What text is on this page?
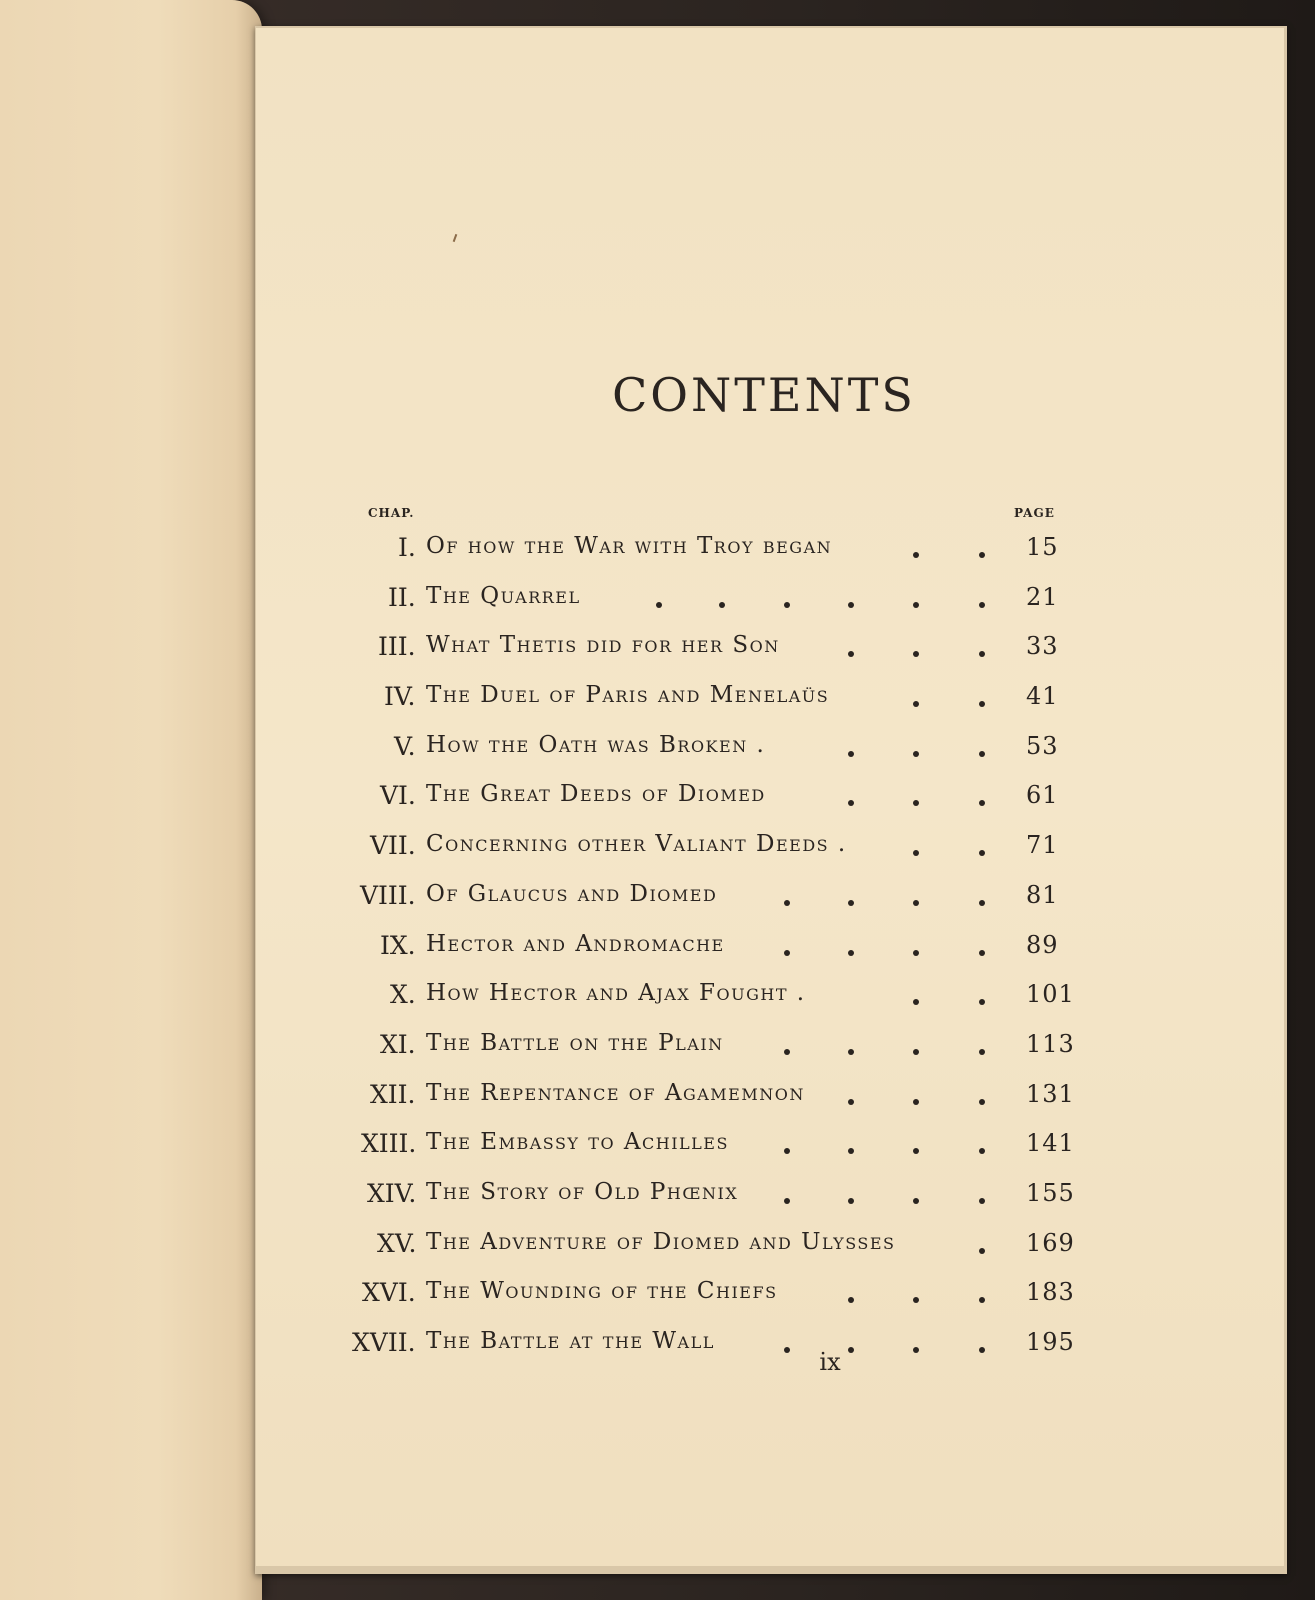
CONTENTS
CHAP.	PAGE
I. Of how the War with Troy began	15
II. The Quarrel	21
III. What Thetis did for her Son	33
IV. The Duel of Paris and Menelaüs	41
V. How the Oath was Broken .	53
VI. The Great Deeds of Diomed	61
VII. Concerning other Valiant Deeds .	71
VIII. Of Glaucus and Diomed	81
IX. Hector and Andromache	89
X. How Hector and Ajax Fought .	101
XI. The Battle on the Plain	113
XII. The Repentance of Agamemnon	131
XIII. The Embassy to Achilles	141
XIV. The Story of Old Phœnix	155
XV. The Adventure of Diomed and Ulysses	169
XVI. The Wounding of the Chiefs	183
XVII. The Battle at the Wall	195
ix
